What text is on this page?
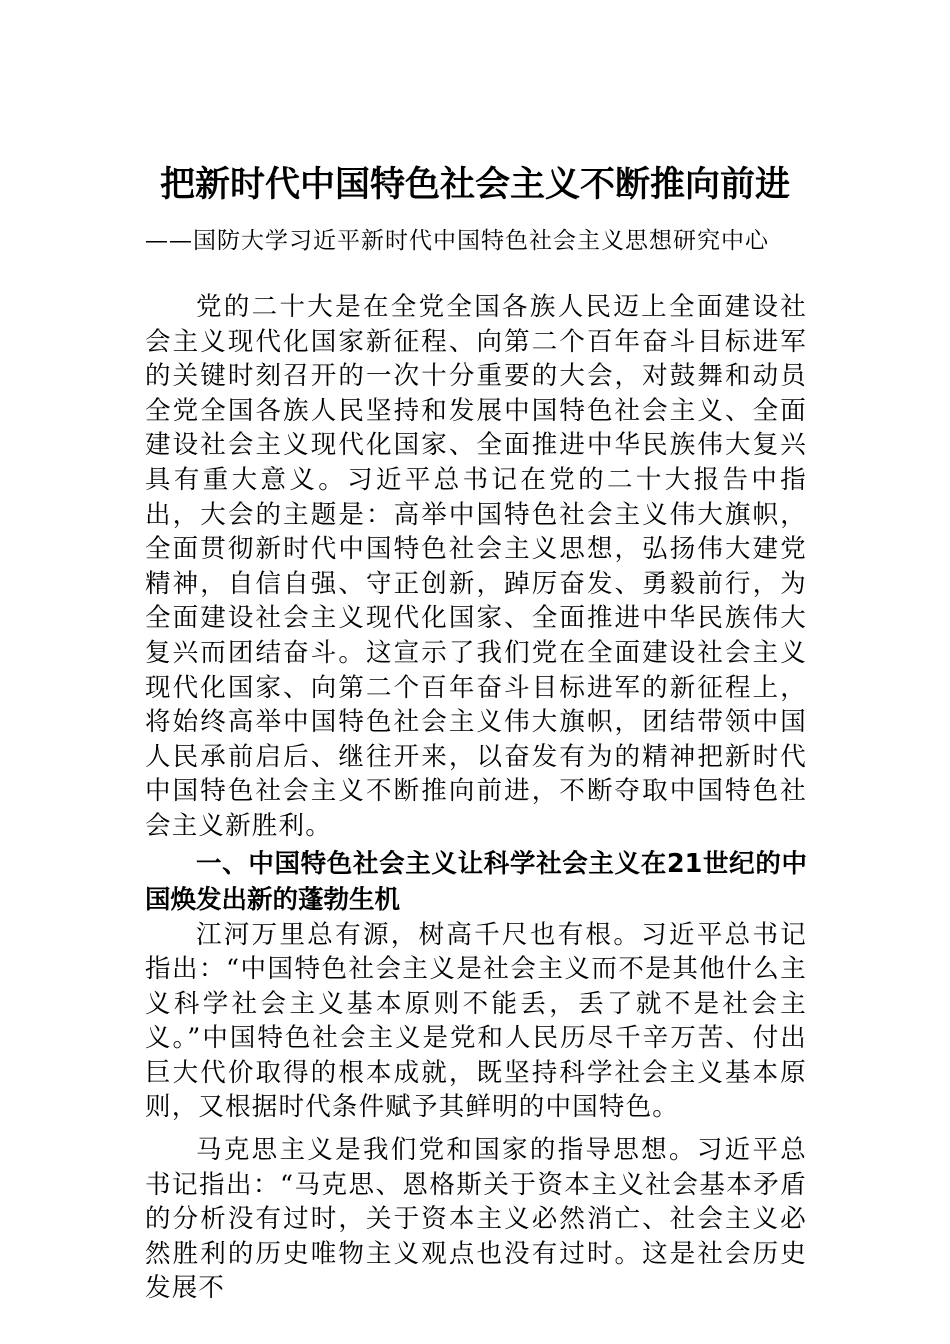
把新时代中国特色社会主义不断推向前进
——国防大学习近平新时代中国特色社会主义思想研究中心

党的二十大是在全党全国各族人民迈上全面建设社会主义现代化国家新征程、向第二个百年奋斗目标进军的关键时刻召开的一次十分重要的大会，对鼓舞和动员全党全国各族人民坚持和发展中国特色社会主义、全面建设社会主义现代化国家、全面推进中华民族伟大复兴具有重大意义。习近平总书记在党的二十大报告中指出，大会的主题是：高举中国特色社会主义伟大旗帜，全面贯彻新时代中国特色社会主义思想，弘扬伟大建党精神，自信自强、守正创新，踔厉奋发、勇毅前行，为全面建设社会主义现代化国家、全面推进中华民族伟大复兴而团结奋斗。这宣示了我们党在全面建设社会主义现代化国家、向第二个百年奋斗目标进军的新征程上，将始终高举中国特色社会主义伟大旗帜，团结带领中国人民承前启后、继往开来，以奋发有为的精神把新时代中国特色社会主义不断推向前进，不断夺取中国特色社会主义新胜利。

一、中国特色社会主义让科学社会主义在21世纪的中国焕发出新的蓬勃生机

江河万里总有源，树高千尺也有根。习近平总书记指出：“中国特色社会主义是社会主义而不是其他什么主义科学社会主义基本原则不能丢，丢了就不是社会主义。”中国特色社会主义是党和人民历尽千辛万苦、付出巨大代价取得的根本成就，既坚持科学社会主义基本原则，又根据时代条件赋予其鲜明的中国特色。

马克思主义是我们党和国家的指导思想。习近平总书记指出：“马克思、恩格斯关于资本主义社会基本矛盾的分析没有过时，关于资本主义必然消亡、社会主义必然胜利的历史唯物主义观点也没有过时。这是社会历史发展不
